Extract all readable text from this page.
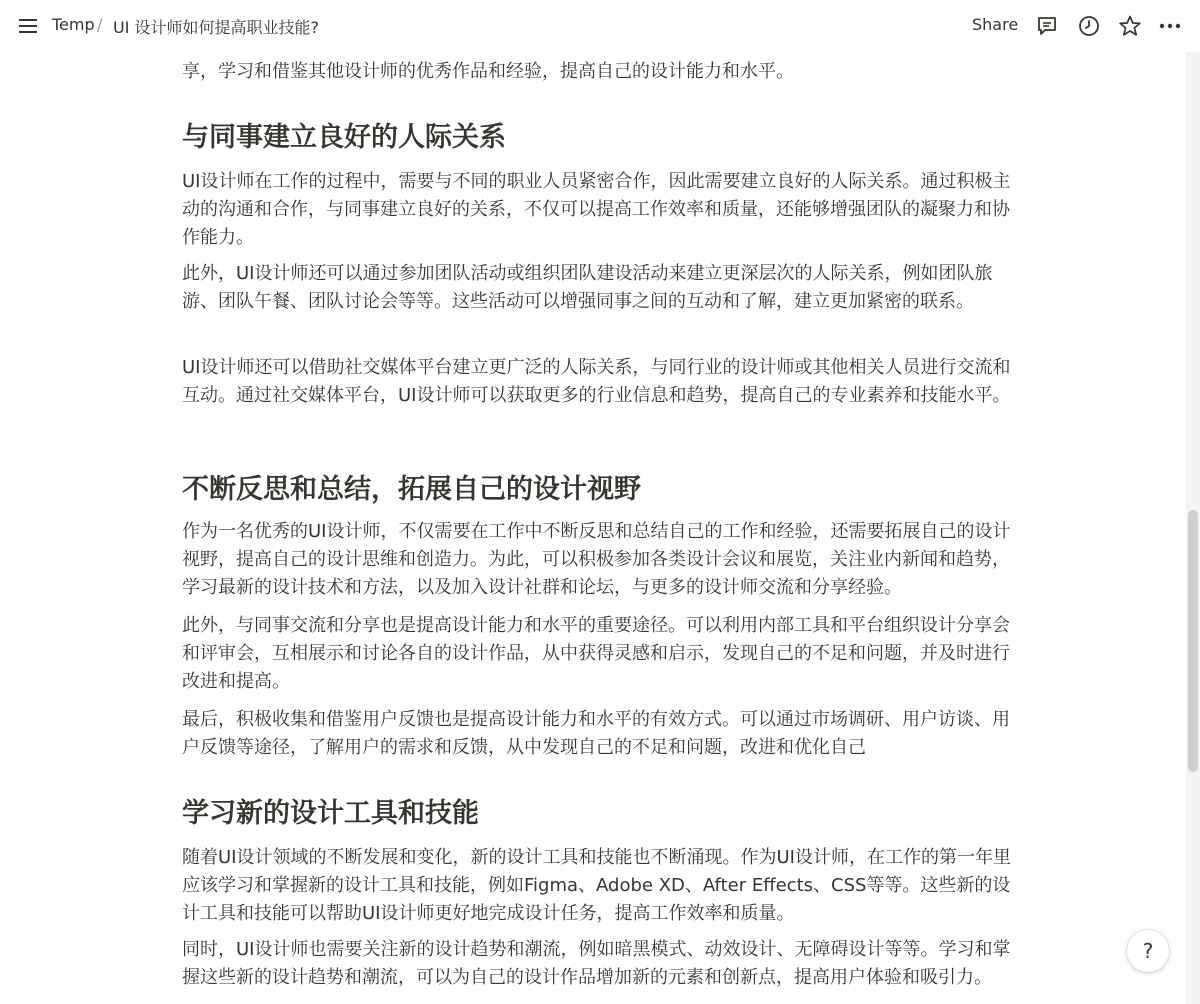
Temp / UI 设计师如何提高职业技能?	Share

享，学习和借鉴其他设计师的优秀作品和经验，提高自己的设计能力和水平。

与同事建立良好的人际关系

UI设计师在工作的过程中，需要与不同的职业人员紧密合作，因此需要建立良好的人际关系。通过积极主动的沟通和合作，与同事建立良好的关系，不仅可以提高工作效率和质量，还能够增强团队的凝聚力和协作能力。

此外，UI设计师还可以通过参加团队活动或组织团队建设活动来建立更深层次的人际关系，例如团队旅游、团队午餐、团队讨论会等等。这些活动可以增强同事之间的互动和了解，建立更加紧密的联系。

UI设计师还可以借助社交媒体平台建立更广泛的人际关系，与同行业的设计师或其他相关人员进行交流和互动。通过社交媒体平台，UI设计师可以获取更多的行业信息和趋势，提高自己的专业素养和技能水平。

不断反思和总结，拓展自己的设计视野

作为一名优秀的UI设计师，不仅需要在工作中不断反思和总结自己的工作和经验，还需要拓展自己的设计视野，提高自己的设计思维和创造力。为此，可以积极参加各类设计会议和展览，关注业内新闻和趋势，学习最新的设计技术和方法，以及加入设计社群和论坛，与更多的设计师交流和分享经验。

此外，与同事交流和分享也是提高设计能力和水平的重要途径。可以利用内部工具和平台组织设计分享会和评审会，互相展示和讨论各自的设计作品，从中获得灵感和启示，发现自己的不足和问题，并及时进行改进和提高。

最后，积极收集和借鉴用户反馈也是提高设计能力和水平的有效方式。可以通过市场调研、用户访谈、用户反馈等途径，了解用户的需求和反馈，从中发现自己的不足和问题，改进和优化自己

学习新的设计工具和技能

随着UI设计领域的不断发展和变化，新的设计工具和技能也不断涌现。作为UI设计师，在工作的第一年里应该学习和掌握新的设计工具和技能，例如Figma、Adobe XD、After Effects、CSS等等。这些新的设计工具和技能可以帮助UI设计师更好地完成设计任务，提高工作效率和质量。

同时，UI设计师也需要关注新的设计趋势和潮流，例如暗黑模式、动效设计、无障碍设计等等。学习和掌握这些新的设计趋势和潮流，可以为自己的设计作品增加新的元素和创新点，提高用户体验和吸引力。

?
